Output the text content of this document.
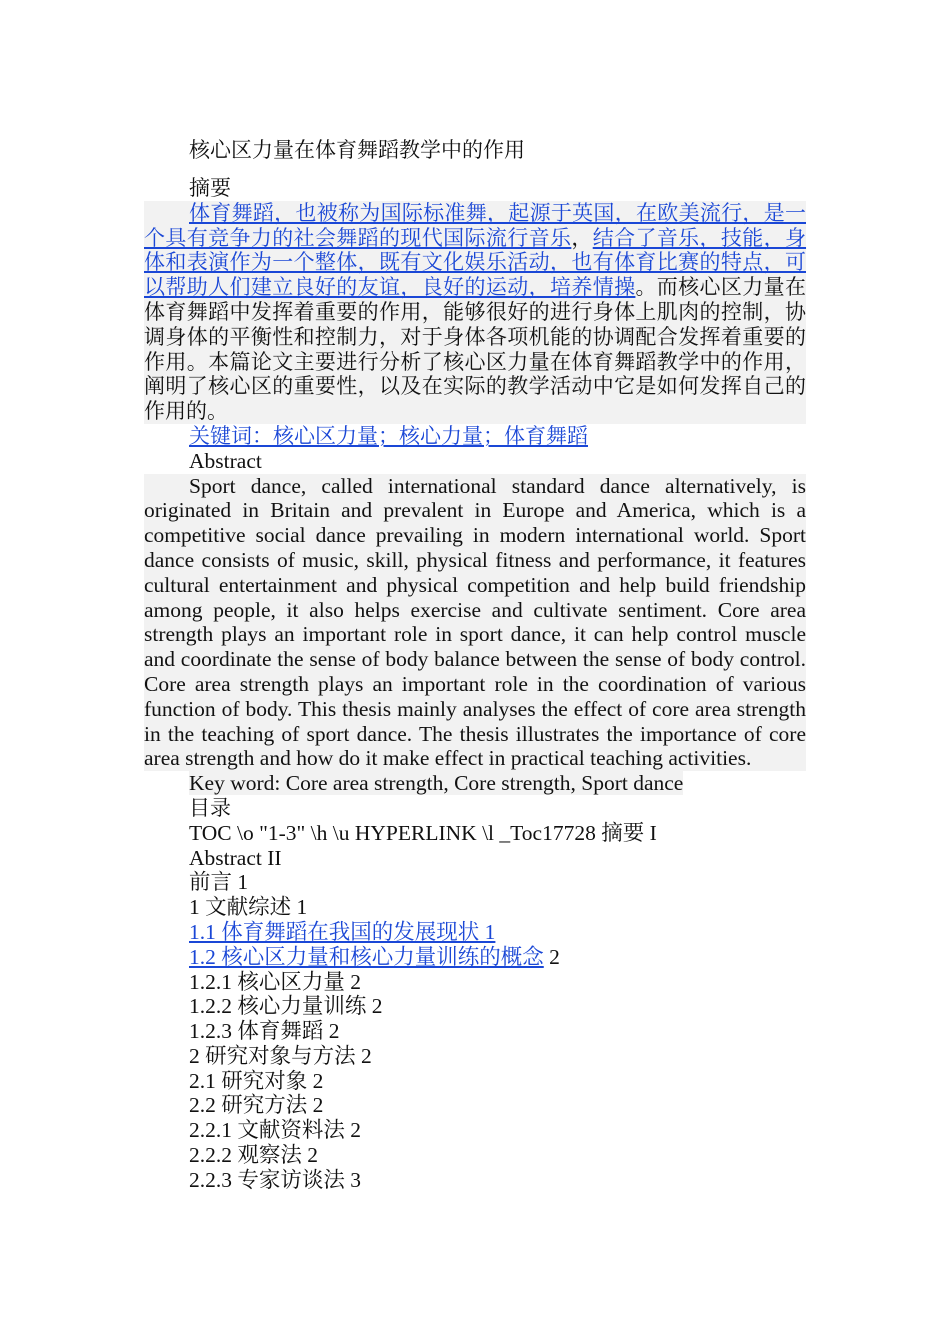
核心区力量在体育舞蹈教学中的作用

摘要

体育舞蹈，也被称为国际标准舞，起源于英国，在欧美流行，是一个具有竞争力的社会舞蹈的现代国际流行音乐，结合了音乐，技能，身体和表演作为一个整体，既有文化娱乐活动，也有体育比赛的特点，可以帮助人们建立良好的友谊，良好的运动，培养情操。而核心区力量在体育舞蹈中发挥着重要的作用，能够很好的进行身体上肌肉的控制，协调身体的平衡性和控制力，对于身体各项机能的协调配合发挥着重要的作用。本篇论文主要进行分析了核心区力量在体育舞蹈教学中的作用，阐明了核心区的重要性，以及在实际的教学活动中它是如何发挥自己的作用的。

关键词：核心区力量；核心力量；体育舞蹈

Abstract

Sport dance, called international standard dance alternatively, is originated in Britain and prevalent in Europe and America, which is a competitive social dance prevailing in modern international world. Sport dance consists of music, skill, physical fitness and performance, it features cultural entertainment and physical competition and help build friendship among people, it also helps exercise and cultivate sentiment. Core area strength plays an important role in sport dance, it can help control muscle and coordinate the sense of body balance between the sense of body control. Core area strength plays an important role in the coordination of various function of body. This thesis mainly analyses the effect of core area strength in the teaching of sport dance. The thesis illustrates the importance of core area strength and how do it make effect in practical teaching activities.

Key word: Core area strength, Core strength, Sport dance

目录

TOC \o "1-3" \h \u HYPERLINK \l _Toc17728 摘要 I

Abstract II

前言 1

1 文献综述 1

1.1 体育舞蹈在我国的发展现状 1

1.2 核心区力量和核心力量训练的概念 2

1.2.1 核心区力量 2

1.2.2 核心力量训练 2

1.2.3 体育舞蹈 2

2 研究对象与方法 2

2.1 研究对象 2

2.2 研究方法 2

2.2.1 文献资料法 2

2.2.2 观察法 2

2.2.3 专家访谈法 3
